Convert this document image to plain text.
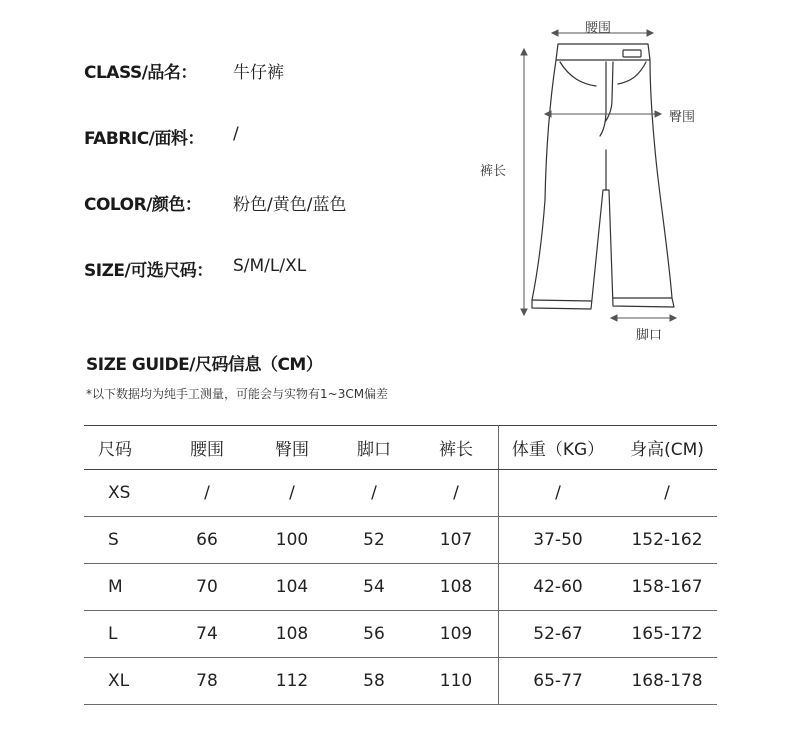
CLASS/品名： 牛仔裤
FABRIC/面料： /
COLOR/颜色： 粉色/黄色/蓝色
SIZE/可选尺码： S/M/L/XL
腰围
臀围
裤长
脚口
SIZE GUIDE/尺码信息（CM）
*以下数据均为纯手工测量，可能会与实物有1~3CM偏差
尺码	腰围	臀围	脚口	裤长	体重（KG）	身高(CM)
XS	/	/	/	/	/	/
S	66	100	52	107	37-50	152-162
M	70	104	54	108	42-60	158-167
L	74	108	56	109	52-67	165-172
XL	78	112	58	110	65-77	168-178
